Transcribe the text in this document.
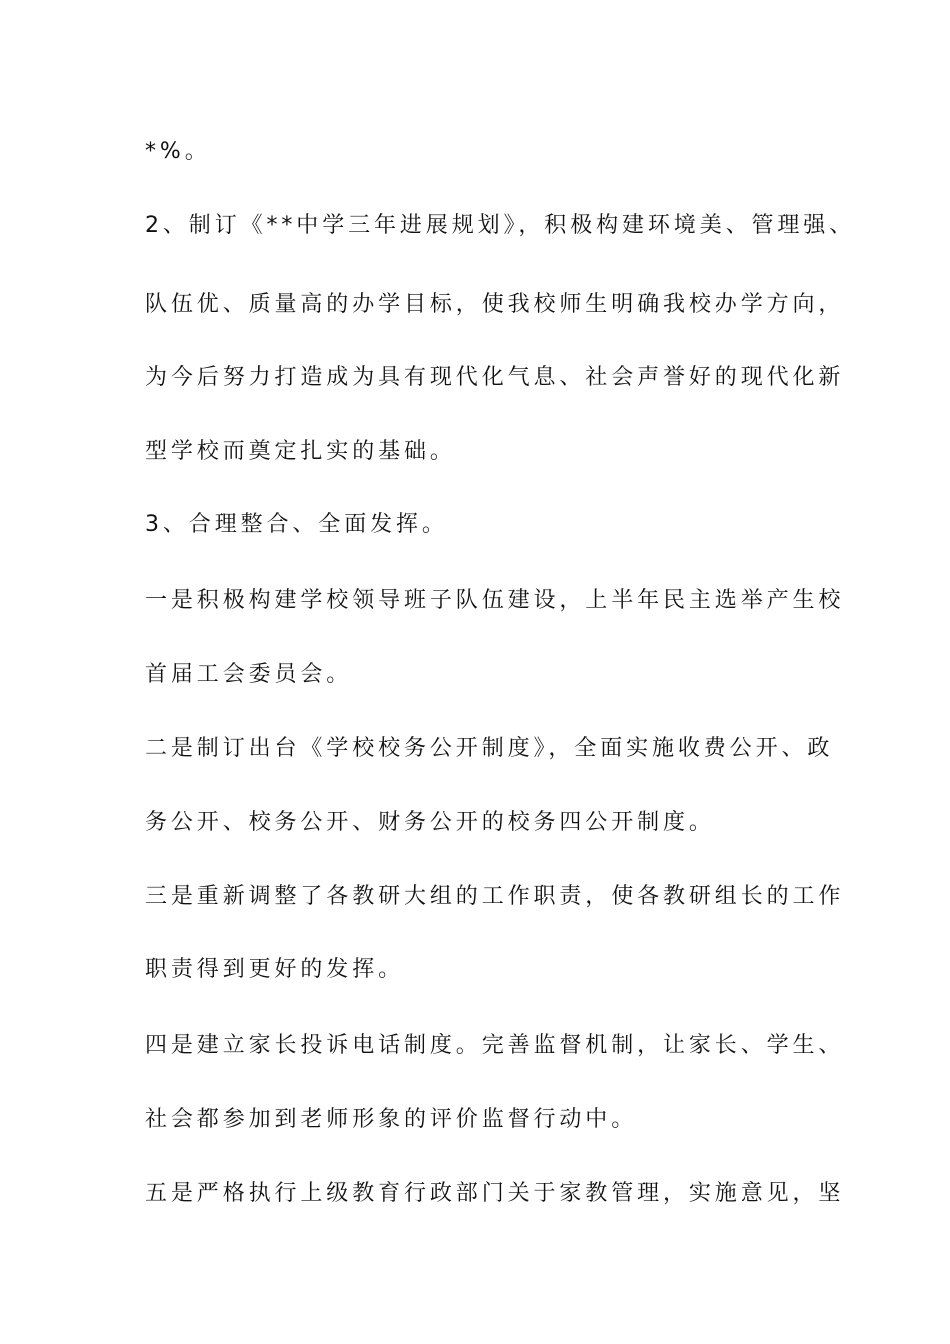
*%。
2、制订《**中学三年进展规划》，积极构建环境美、管理强、
队伍优、质量高的办学目标，使我校师生明确我校办学方向，
为今后努力打造成为具有现代化气息、社会声誉好的现代化新
型学校而奠定扎实的基础。
3、合理整合、全面发挥。
一是积极构建学校领导班子队伍建设，上半年民主选举产生校
首届工会委员会。
二是制订出台《学校校务公开制度》，全面实施收费公开、政
务公开、校务公开、财务公开的校务四公开制度。
三是重新调整了各教研大组的工作职责，使各教研组长的工作
职责得到更好的发挥。
四是建立家长投诉电话制度。完善监督机制，让家长、学生、
社会都参加到老师形象的评价监督行动中。
五是严格执行上级教育行政部门关于家教管理，实施意见，坚
